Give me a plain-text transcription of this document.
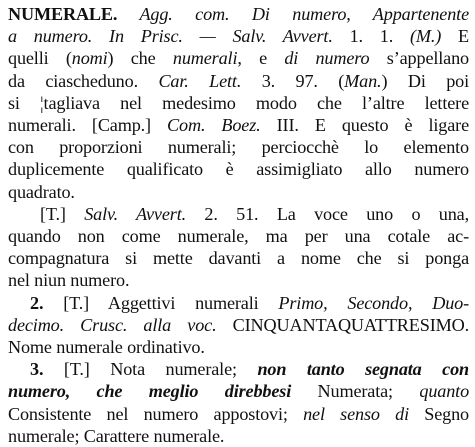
NUMERALE. Agg. com. Di numero, Appartenente
a numero. In Prisc. — Salv. Avvert. 1. 1. (M.) E
quelli (nomi) che numerali, e di numero s’appellano
da ciascheduno. Car. Lett. 3. 97. (Man.) Di poi
si ¦tagliava nel medesimo modo che l’altre lettere
numerali. [Camp.] Com. Boez. III. E questo è ligare
con proporzioni numerali; perciocchè lo elemento
duplicemente qualificato è assimigliato allo numero
quadrato.
[T.] Salv. Avvert. 2. 51. La voce uno o una,
quando non come numerale, ma per una cotale ac-
compagnatura si mette davanti a nome che si ponga
nel niun numero.
2. [T.] Aggettivi numerali Primo, Secondo, Duo-
decimo. Crusc. alla voc. CINQUANTAQUATTRESIMO.
Nome numerale ordinativo.
3. [T.] Nota numerale; non tanto segnata con
numero, che meglio direbbesi Numerata; quanto
Consistente nel numero appostovi; nel senso di Segno
numerale; Carattere numerale.
